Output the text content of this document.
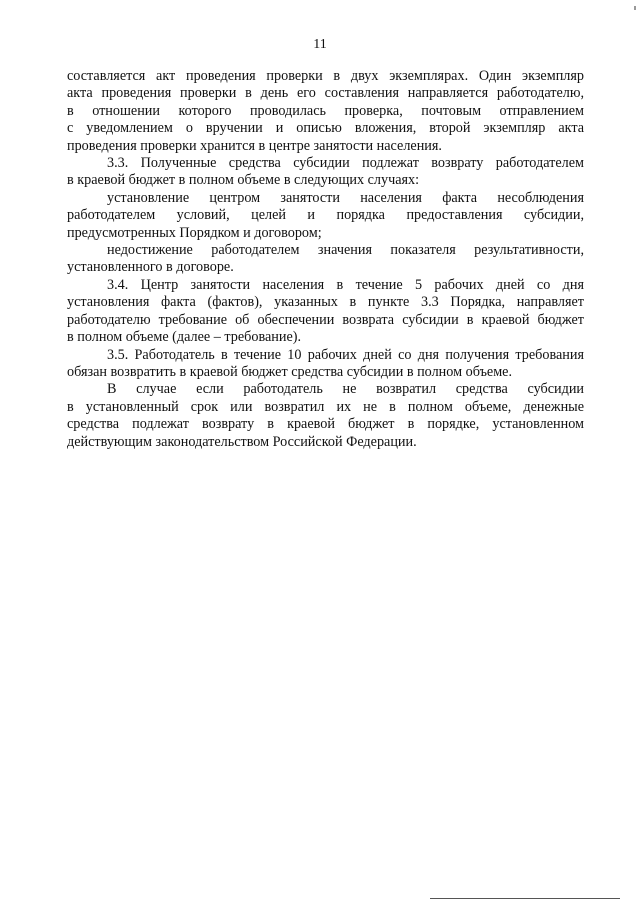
11

составляется акт проведения проверки в двух экземплярах. Один экземпляр

акта проведения проверки в день его составления направляется работодателю,

в отношении которого проводилась проверка, почтовым отправлением

с уведомлением о вручении и описью вложения, второй экземпляр акта

проведения проверки хранится в центре занятости населения.

3.3. Полученные средства субсидии подлежат возврату работодателем

в краевой бюджет в полном объеме в следующих случаях:

установление центром занятости населения факта несоблюдения

работодателем условий, целей и порядка предоставления субсидии,

предусмотренных Порядком и договором;

недостижение работодателем значения показателя результативности,

установленного в договоре.

3.4. Центр занятости населения в течение 5 рабочих дней со дня

установления факта (фактов), указанных в пункте 3.3 Порядка, направляет

работодателю требование об обеспечении возврата субсидии в краевой бюджет

в полном объеме (далее – требование).

3.5. Работодатель в течение 10 рабочих дней со дня получения требования

обязан возвратить в краевой бюджет средства субсидии в полном объеме.

В случае если работодатель не возвратил средства субсидии

в установленный срок или возвратил их не в полном объеме, денежные

средства подлежат возврату в краевой бюджет в порядке, установленном

действующим законодательством Российской Федерации.
